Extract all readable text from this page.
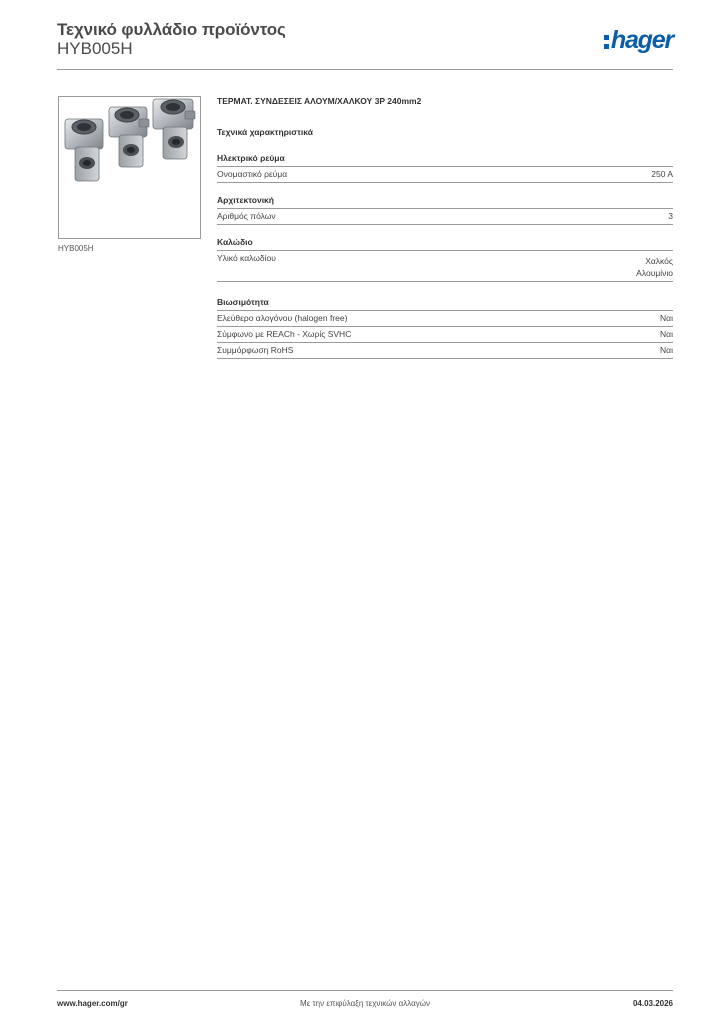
Τεχνικό φυλλάδιο προϊόντος
HYB005H	hager
HYB005H
ΤΕΡΜΑΤ. ΣΥΝΔΕΣΕΙΣ ΑΛΟΥΜ/ΧΑΛΚΟΥ 3P 240mm2
Τεχνικά χαρακτηριστικά
Ηλεκτρικό ρεύμα
Ονομαστικό ρεύμα	250 A
Αρχιτεκτονική
Αριθμός πόλων	3
Καλώδιο
Υλικό καλωδίου	Χαλκός
Αλουμίνιο
Βιωσιμότητα
Ελεύθερο αλογόνου (halogen free)	Ναι
Σύμφωνο με REACh - Χωρίς SVHC	Ναι
Συμμόρφωση RoHS	Ναι
www.hager.com/gr	Με την επιφύλαξη τεχνικών αλλαγών	04.03.2026
